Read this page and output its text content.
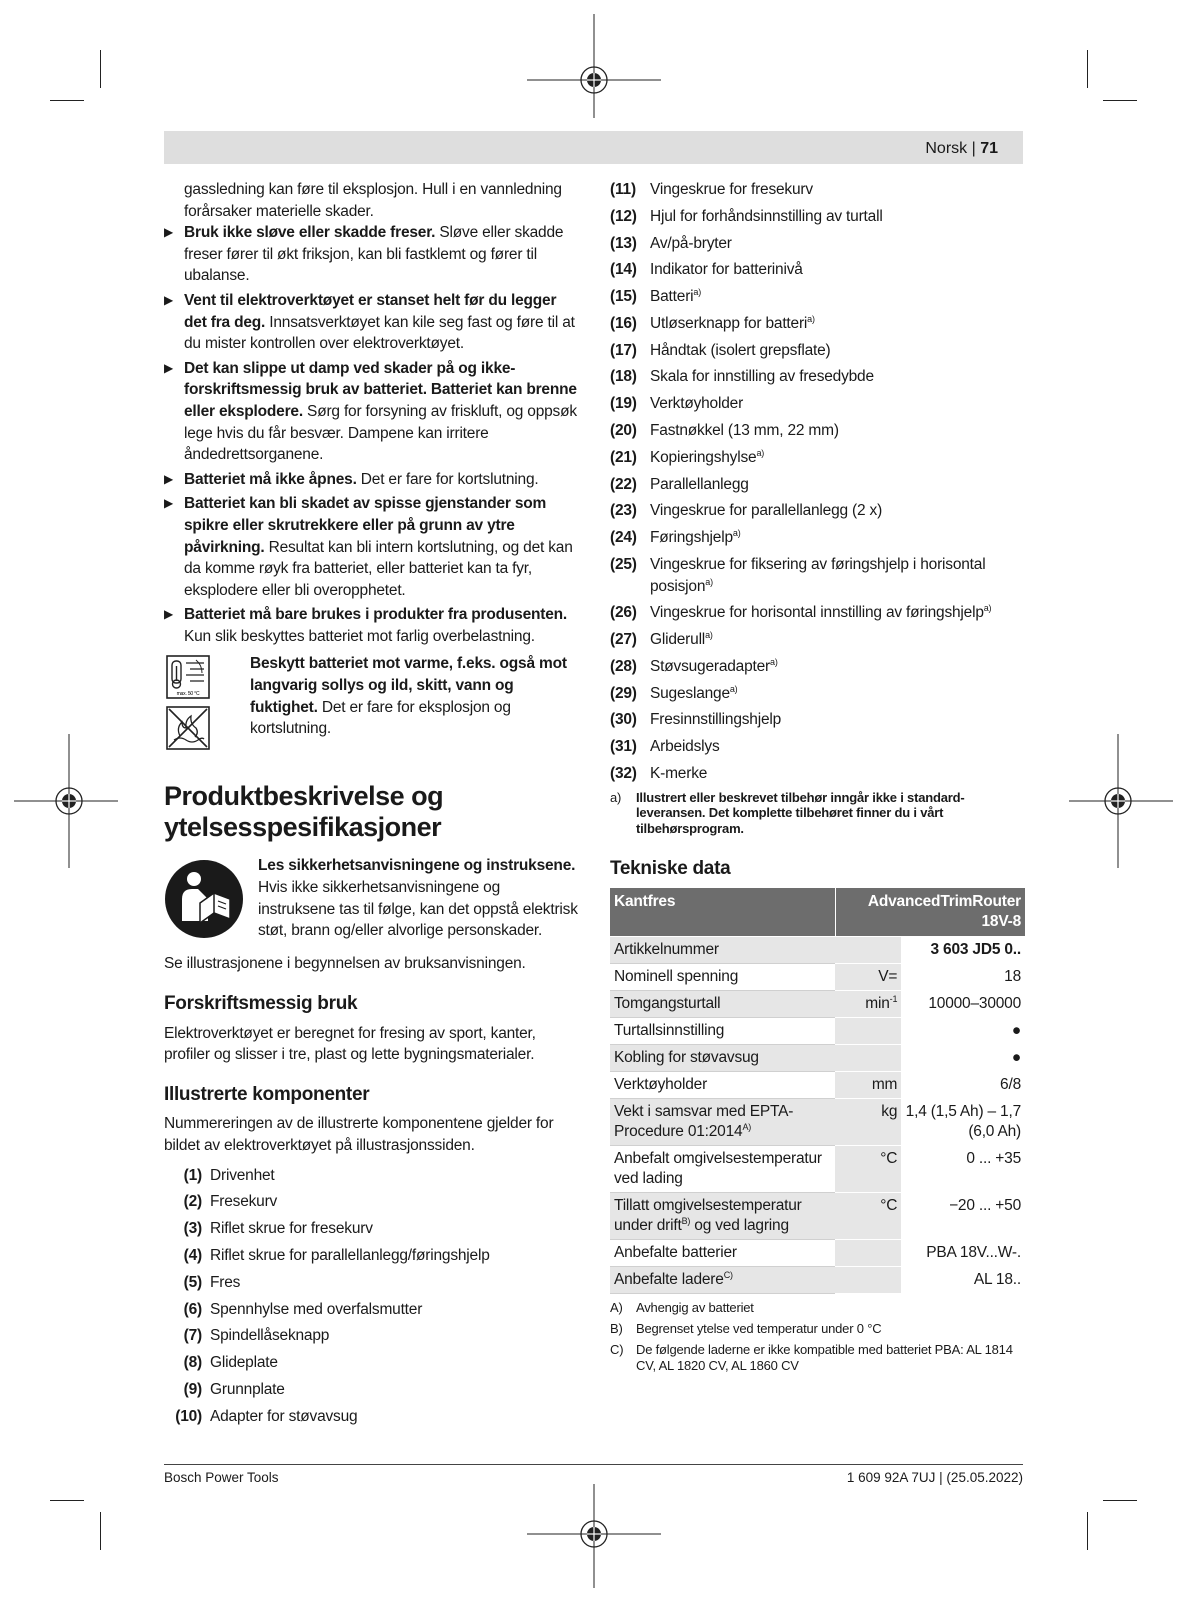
Norsk | 71
gassledning kan føre til eksplosjon. Hull i en vannledning forårsaker materielle skader.
▶ Bruk ikke sløve eller skadde freser. Sløve eller skadde freser fører til økt friksjon, kan bli fastklemt og fører til ubalanse.
▶ Vent til elektroverktøyet er stanset helt før du legger det fra deg. Innsatsverktøyet kan kile seg fast og føre til at du mister kontrollen over elektroverktøyet.
▶ Det kan slippe ut damp ved skader på og ikke-forskriftsmessig bruk av batteriet. Batteriet kan brenne eller eksplodere. Sørg for forsyning av friskluft, og oppsøk lege hvis du får besvær. Dampene kan irritere åndedrettsorganene.
▶ Batteriet må ikke åpnes. Det er fare for kortslutning.
▶ Batteriet kan bli skadet av spisse gjenstander som spikre eller skrutrekkere eller på grunn av ytre påvirkning. Resultat kan bli intern kortslutning, og det kan da komme røyk fra batteriet, eller batteriet kan ta fyr, eksplodere eller bli overopphetet.
▶ Batteriet må bare brukes i produkter fra produsenten. Kun slik beskyttes batteriet mot farlig overbelastning.
max. 50 °C

Beskytt batteriet mot varme, f.eks. også mot langvarig sollys og ild, skitt, vann og fuktighet. Det er fare for eksplosjon og kortslutning.
Produktbeskrivelse og ytelsesspesifikasjoner
Les sikkerhetsanvisningene og instruksene. Hvis ikke sikkerhetsanvisningene og instruksene tas til følge, kan det oppstå elektrisk støt, brann og/eller alvorlige personskader.
Se illustrasjonene i begynnelsen av bruksanvisningen.
Forskriftsmessig bruk
Elektroverktøyet er beregnet for fresing av sport, kanter, profiler og slisser i tre, plast og lette bygningsmaterialer.
Illustrerte komponenter
Nummereringen av de illustrerte komponentene gjelder for bildet av elektroverktøyet på illustrasjonssiden.
(1) Drivenhet
(2) Fresekurv
(3) Riflet skrue for fresekurv
(4) Riflet skrue for parallellanlegg/føringshjelp
(5) Fres
(6) Spennhylse med overfalsmutter
(7) Spindellåseknapp
(8) Glideplate
(9) Grunnplate
(10) Adapter for støvavsug
(11) Vingeskrue for fresekurv
(12) Hjul for forhåndsinnstilling av turtall
(13) Av/på-bryter
(14) Indikator for batterinivå
(15) Batteri$^{a)}$
(16) Utløserknapp for batteri$^{a)}$
(17) Håndtak (isolert grepsflate)
(18) Skala for innstilling av fresedybde
(19) Verktøyholder
(20) Fastnøkkel (13 mm, 22 mm)
(21) Kopieringshylse$^{a)}$
(22) Parallellanlegg
(23) Vingeskrue for parallellanlegg (2 x)
(24) Føringshjelp$^{a)}$
(25) Vingeskrue for fiksering av føringshjelp i horisontal posisjon$^{a)}$
(26) Vingeskrue for horisontal innstilling av føringshjelp$^{a)}$
(27) Gliderull$^{a)}$
(28) Støvsugeradapter$^{a)}$
(29) Sugeslange$^{a)}$
(30) Fresinnstillingshjelp
(31) Arbeidslys
(32) K-merke
a)	Illustrert eller beskrevet tilbehør inngår ikke i standard-leveransen. Det komplette tilbehøret finner du i vårt tilbehørsprogram.
Tekniske data
Kantfres	AdvancedTrimRouter 18V-8	
Artikkelnummer		3 603 JD5 0..
Nominell spenning	V=	18
Tomgangsturtall	$\min^{-1}$	10000–30000
Turtallsinnstilling		●
Kobling for støvavsug		●
Verktøyholder	mm	6/8
Vekt i samsvar med EPTA-Procedure $01:2014^{A)}$	kg	1,4 (1,5 Ah) – 1,7 (6,0 Ah)
Anbefalt omgivelsestemperatur ved lading	°C	0 ... +35
Tillatt omgivelsestemperatur under drift$^{B)}$ og ved lagring	°C	−20 ... +50
Anbefalte batterier		PBA 18V...W-.
Anbefalte ladere$^{C)}$		AL 18..
A)	Avhengig av batteriet
B)	Begrenset ytelse ved temperatur under 0 °C
C) De følgende laderne er ikke kompatible med batteriet PBA: AL 1814 CV, AL 1820 CV, AL 1860 CV
Bosch Power Tools	1 609 92A 7UJ | (25.05.2022)
